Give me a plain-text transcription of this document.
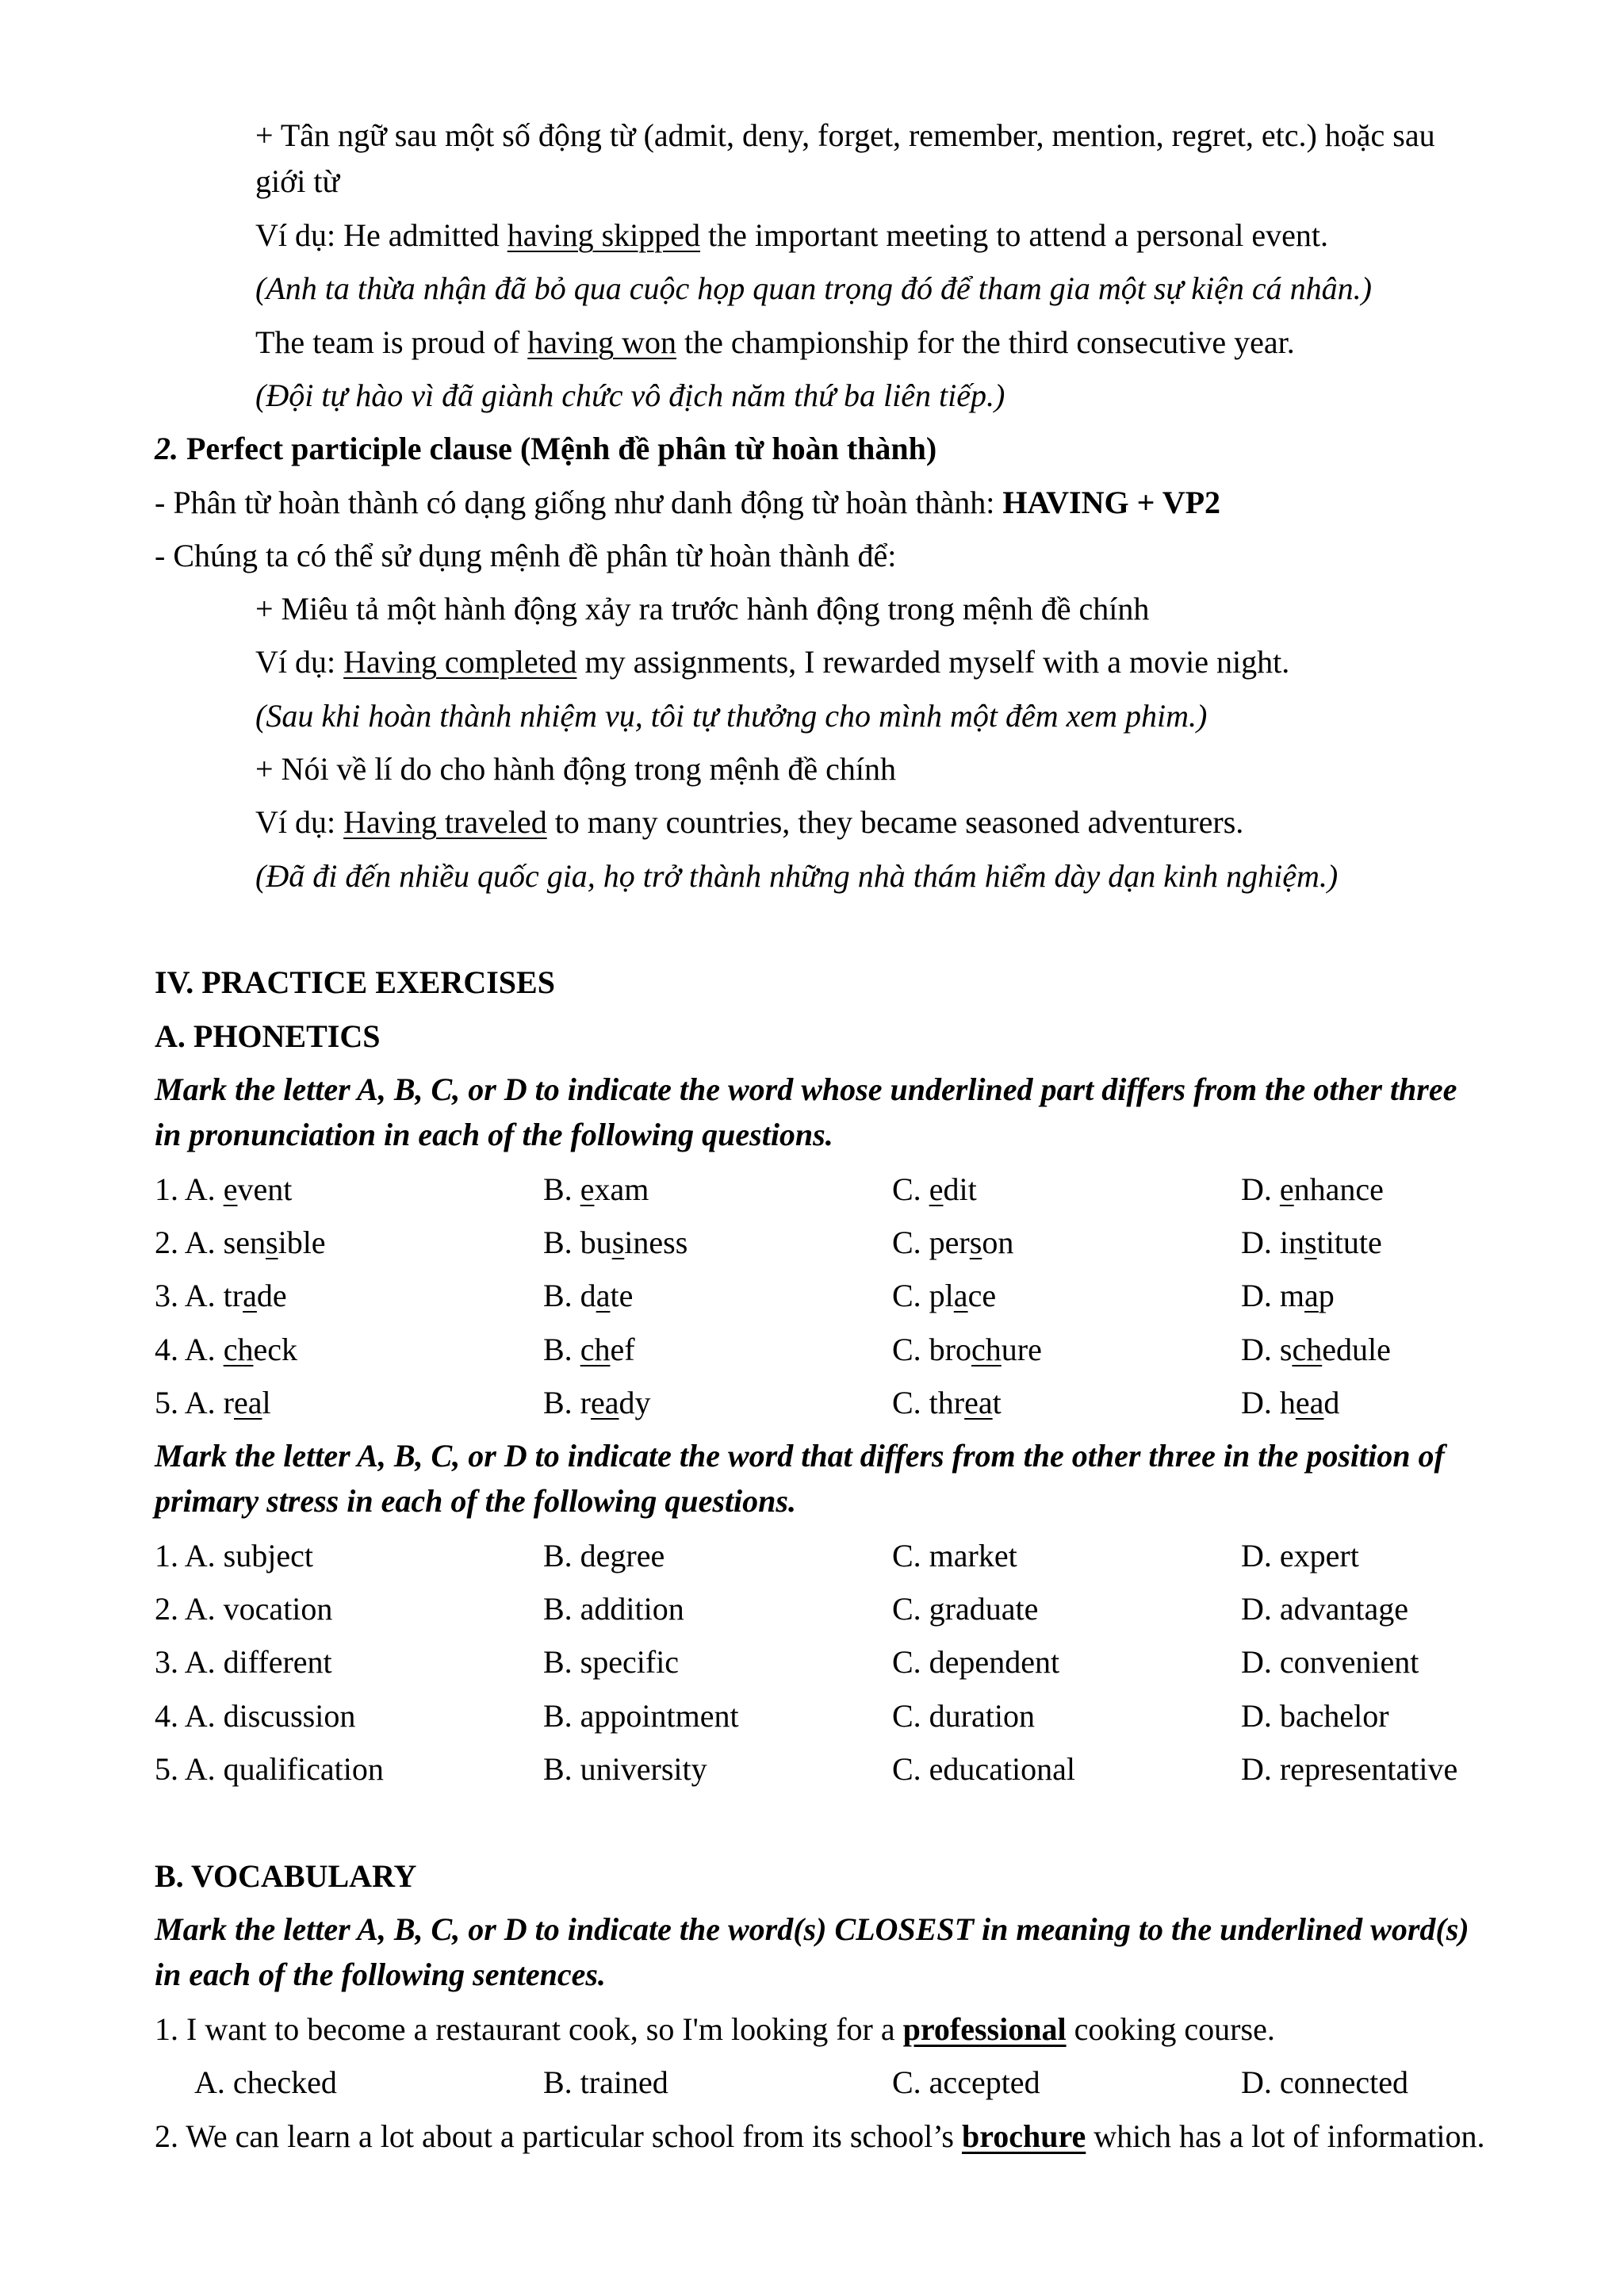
+ Tân ngữ sau một số động từ (admit, deny, forget, remember, mention, regret, etc.) hoặc sau
giới từ
Ví dụ: He admitted having skipped the important meeting to attend a personal event.
(Anh ta thừa nhận đã bỏ qua cuộc họp quan trọng đó để tham gia một sự kiện cá nhân.)
The team is proud of having won the championship for the third consecutive year.
(Đội tự hào vì đã giành chức vô địch năm thứ ba liên tiếp.)
2. Perfect participle clause (Mệnh đề phân từ hoàn thành)
- Phân từ hoàn thành có dạng giống như danh động từ hoàn thành: HAVING + VP2
- Chúng ta có thể sử dụng mệnh đề phân từ hoàn thành để:
+ Miêu tả một hành động xảy ra trước hành động trong mệnh đề chính
Ví dụ: Having completed my assignments, I rewarded myself with a movie night.
(Sau khi hoàn thành nhiệm vụ, tôi tự thưởng cho mình một đêm xem phim.)
+ Nói về lí do cho hành động trong mệnh đề chính
Ví dụ: Having traveled to many countries, they became seasoned adventurers.
(Đã đi đến nhiều quốc gia, họ trở thành những nhà thám hiểm dày dạn kinh nghiệm.)
IV. PRACTICE EXERCISES
A. PHONETICS
Mark the letter A, B, C, or D to indicate the word whose underlined part differs from the other three
in pronunciation in each of the following questions.
1. A. event	B. exam	C. edit	D. enhance
2. A. sensible	B. business	C. person	D. institute
3. A. trade	B. date	C. place	D. map
4. A. check	B. chef	C. brochure	D. schedule
5. A. real	B. ready	C. threat	D. head
Mark the letter A, B, C, or D to indicate the word that differs from the other three in the position of
primary stress in each of the following questions.
1. A. subject	B. degree	C. market	D. expert
2. A. vocation	B. addition	C. graduate	D. advantage
3. A. different	B. specific	C. dependent	D. convenient
4. A. discussion	B. appointment	C. duration	D. bachelor
5. A. qualification	B. university	C. educational	D. representative
B. VOCABULARY
Mark the letter A, B, C, or D to indicate the word(s) CLOSEST in meaning to the underlined word(s)
in each of the following sentences.
1. I want to become a restaurant cook, so I'm looking for a professional cooking course.
A. checked	B. trained	C. accepted	D. connected
2. We can learn a lot about a particular school from its school’s brochure which has a lot of information.
